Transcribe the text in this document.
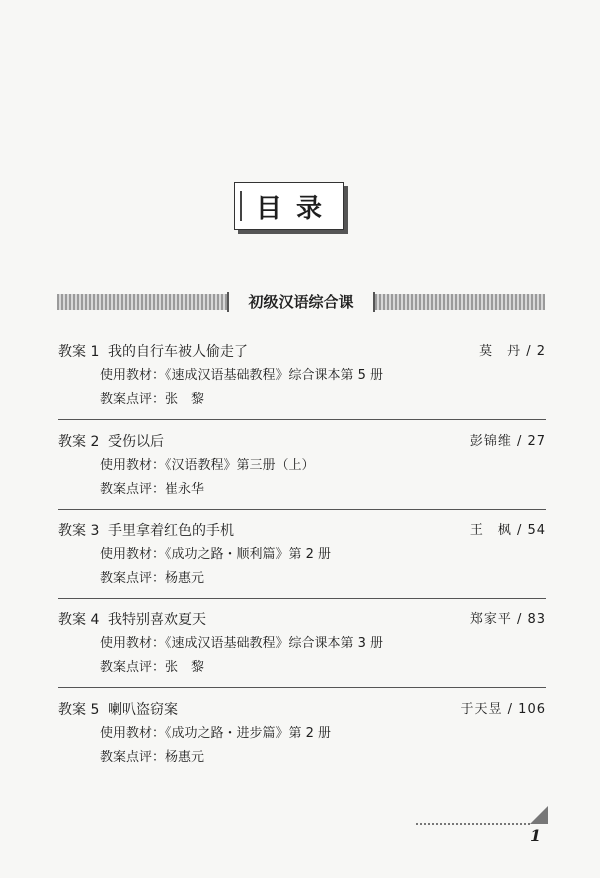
目录
初级汉语综合课
教案 1 我的自行车被人偷走了	莫　丹 / 2
使用教材：《速成汉语基础教程》综合课本第 5 册
教案点评：张　黎
教案 2 受伤以后	彭锦维 / 27
使用教材：《汉语教程》第三册（上）
教案点评：崔永华
教案 3 手里拿着红色的手机	王　枫 / 54
使用教材：《成功之路・顺利篇》第 2 册
教案点评：杨惠元
教案 4 我特别喜欢夏天	郑家平 / 83
使用教材：《速成汉语基础教程》综合课本第 3 册
教案点评：张　黎
教案 5 喇叭盗窃案	于天昱 / 106
使用教材：《成功之路・进步篇》第 2 册
教案点评：杨惠元
1
